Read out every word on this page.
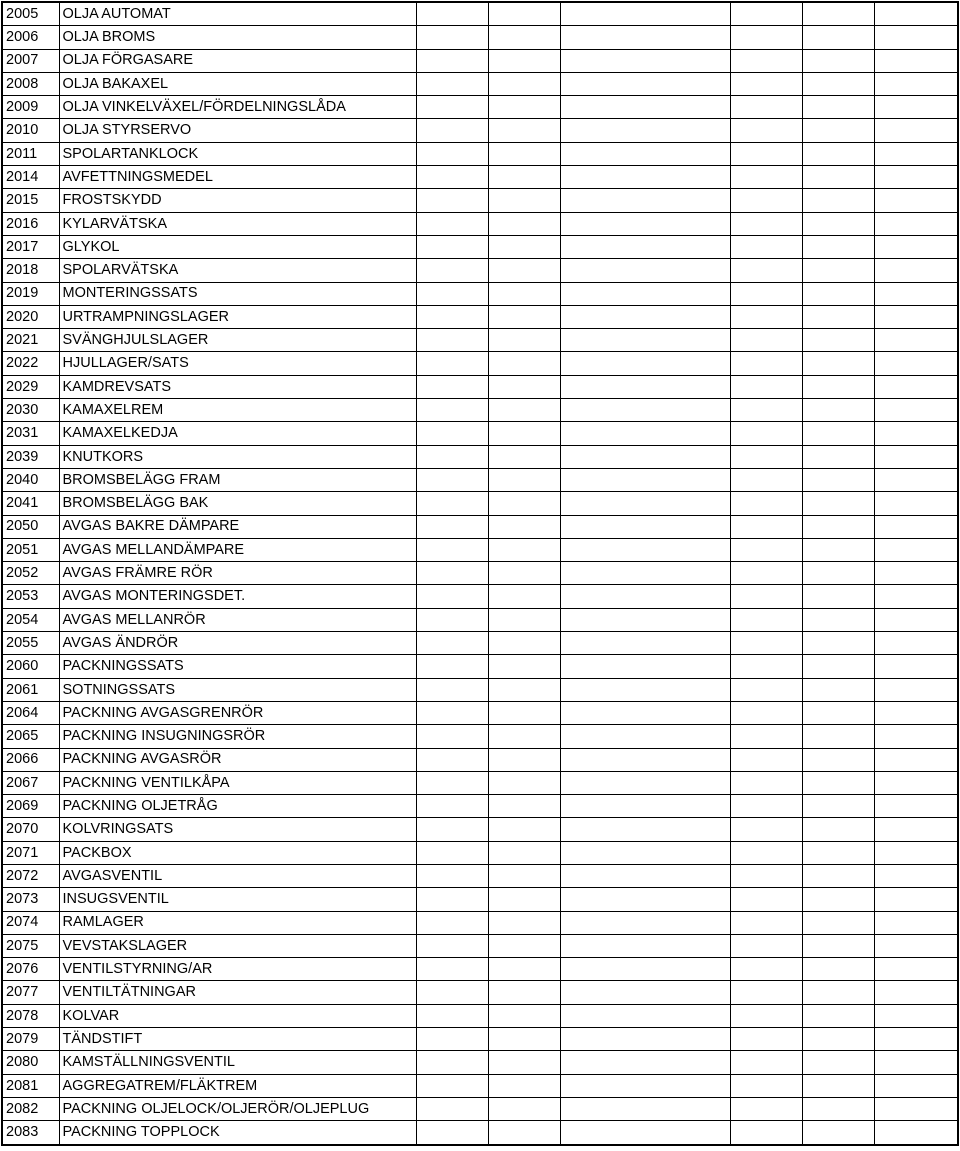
2005	OLJA AUTOMAT						
2006	OLJA BROMS						
2007	OLJA FÖRGASARE						
2008	OLJA BAKAXEL						
2009	OLJA VINKELVÄXEL/FÖRDELNINGSLÅDA						
2010	OLJA STYRSERVO						
2011	SPOLARTANKLOCK						
2014	AVFETTNINGSMEDEL						
2015	FROSTSKYDD						
2016	KYLARVÄTSKA						
2017	GLYKOL						
2018	SPOLARVÄTSKA						
2019	MONTERINGSSATS						
2020	URTRAMPNINGSLAGER						
2021	SVÄNGHJULSLAGER						
2022	HJULLAGER/SATS						
2029	KAMDREVSATS						
2030	KAMAXELREM						
2031	KAMAXELKEDJA						
2039	KNUTKORS						
2040	BROMSBELÄGG FRAM						
2041	BROMSBELÄGG BAK						
2050	AVGAS BAKRE DÄMPARE						
2051	AVGAS MELLANDÄMPARE						
2052	AVGAS FRÄMRE RÖR						
2053	AVGAS MONTERINGSDET.						
2054	AVGAS MELLANRÖR						
2055	AVGAS ÄNDRÖR						
2060	PACKNINGSSATS						
2061	SOTNINGSSATS						
2064	PACKNING AVGASGRENRÖR						
2065	PACKNING INSUGNINGSRÖR						
2066	PACKNING AVGASRÖR						
2067	PACKNING VENTILKÅPA						
2069	PACKNING OLJETRÅG						
2070	KOLVRINGSATS						
2071	PACKBOX						
2072	AVGASVENTIL						
2073	INSUGSVENTIL						
2074	RAMLAGER						
2075	VEVSTAKSLAGER						
2076	VENTILSTYRNING/AR						
2077	VENTILTÄTNINGAR						
2078	KOLVAR						
2079	TÄNDSTIFT						
2080	KAMSTÄLLNINGSVENTIL						
2081	AGGREGATREM/FLÄKTREM						
2082	PACKNING OLJELOCK/OLJERÖR/OLJEPLUG						
2083	PACKNING TOPPLOCK						
